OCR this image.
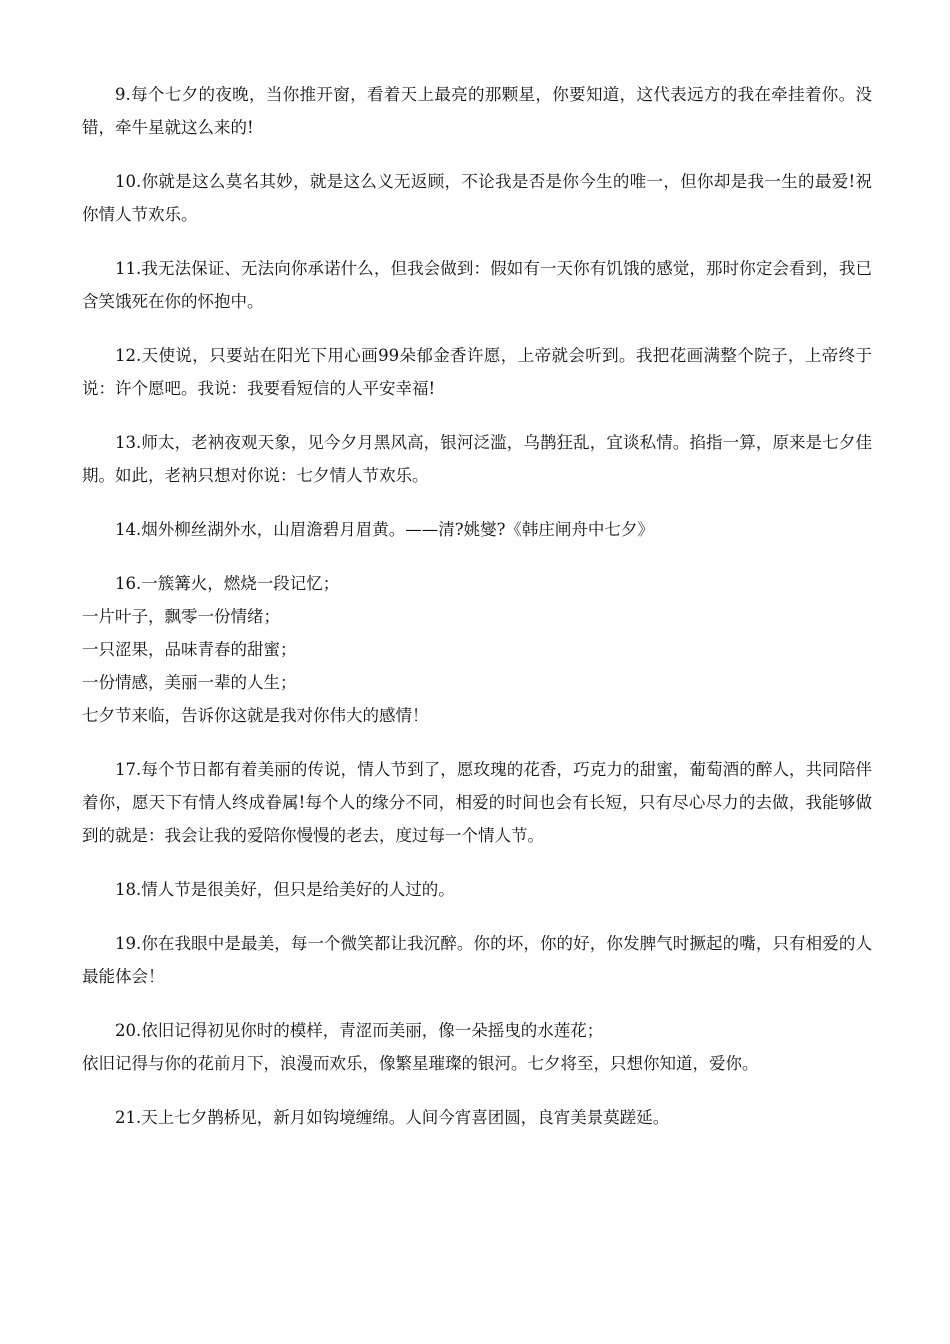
9.每个七夕的夜晚，当你推开窗，看着天上最亮的那颗星，你要知道，这代表远方的我在牵挂着你。没错，牵牛星就这么来的!

10.你就是这么莫名其妙，就是这么义无返顾，不论我是否是你今生的唯一，但你却是我一生的最爱!祝你情人节欢乐。

11.我无法保证、无法向你承诺什么，但我会做到：假如有一天你有饥饿的感觉，那时你定会看到，我已含笑饿死在你的怀抱中。

12.天使说，只要站在阳光下用心画99朵郁金香许愿，上帝就会听到。我把花画满整个院子，上帝终于说：许个愿吧。我说：我要看短信的人平安幸福!

13.师太，老衲夜观天象，见今夕月黑风高，银河泛滥，乌鹊狂乱，宜谈私情。掐指一算，原来是七夕佳期。如此，老衲只想对你说：七夕情人节欢乐。

14.烟外柳丝湖外水，山眉澹碧月眉黄。——清?姚燮?《韩庄闸舟中七夕》

16.一簇篝火，燃烧一段记忆；
一片叶子，飘零一份情绪；
一只涩果，品味青春的甜蜜；
一份情感，美丽一辈的人生；
七夕节来临，告诉你这就是我对你伟大的感情！

17.每个节日都有着美丽的传说，情人节到了，愿玫瑰的花香，巧克力的甜蜜，葡萄酒的醉人，共同陪伴着你，愿天下有情人终成眷属!每个人的缘分不同，相爱的时间也会有长短，只有尽心尽力的去做，我能够做到的就是：我会让我的爱陪你慢慢的老去，度过每一个情人节。

18.情人节是很美好，但只是给美好的人过的。

19.你在我眼中是最美，每一个微笑都让我沉醉。你的坏，你的好，你发脾气时撅起的嘴，只有相爱的人最能体会！

20.依旧记得初见你时的模样，青涩而美丽，像一朵摇曳的水莲花；
依旧记得与你的花前月下，浪漫而欢乐，像繁星璀璨的银河。七夕将至，只想你知道，爱你。

21.天上七夕鹊桥见，新月如钩境缠绵。人间今宵喜团圆，良宵美景莫蹉延。
